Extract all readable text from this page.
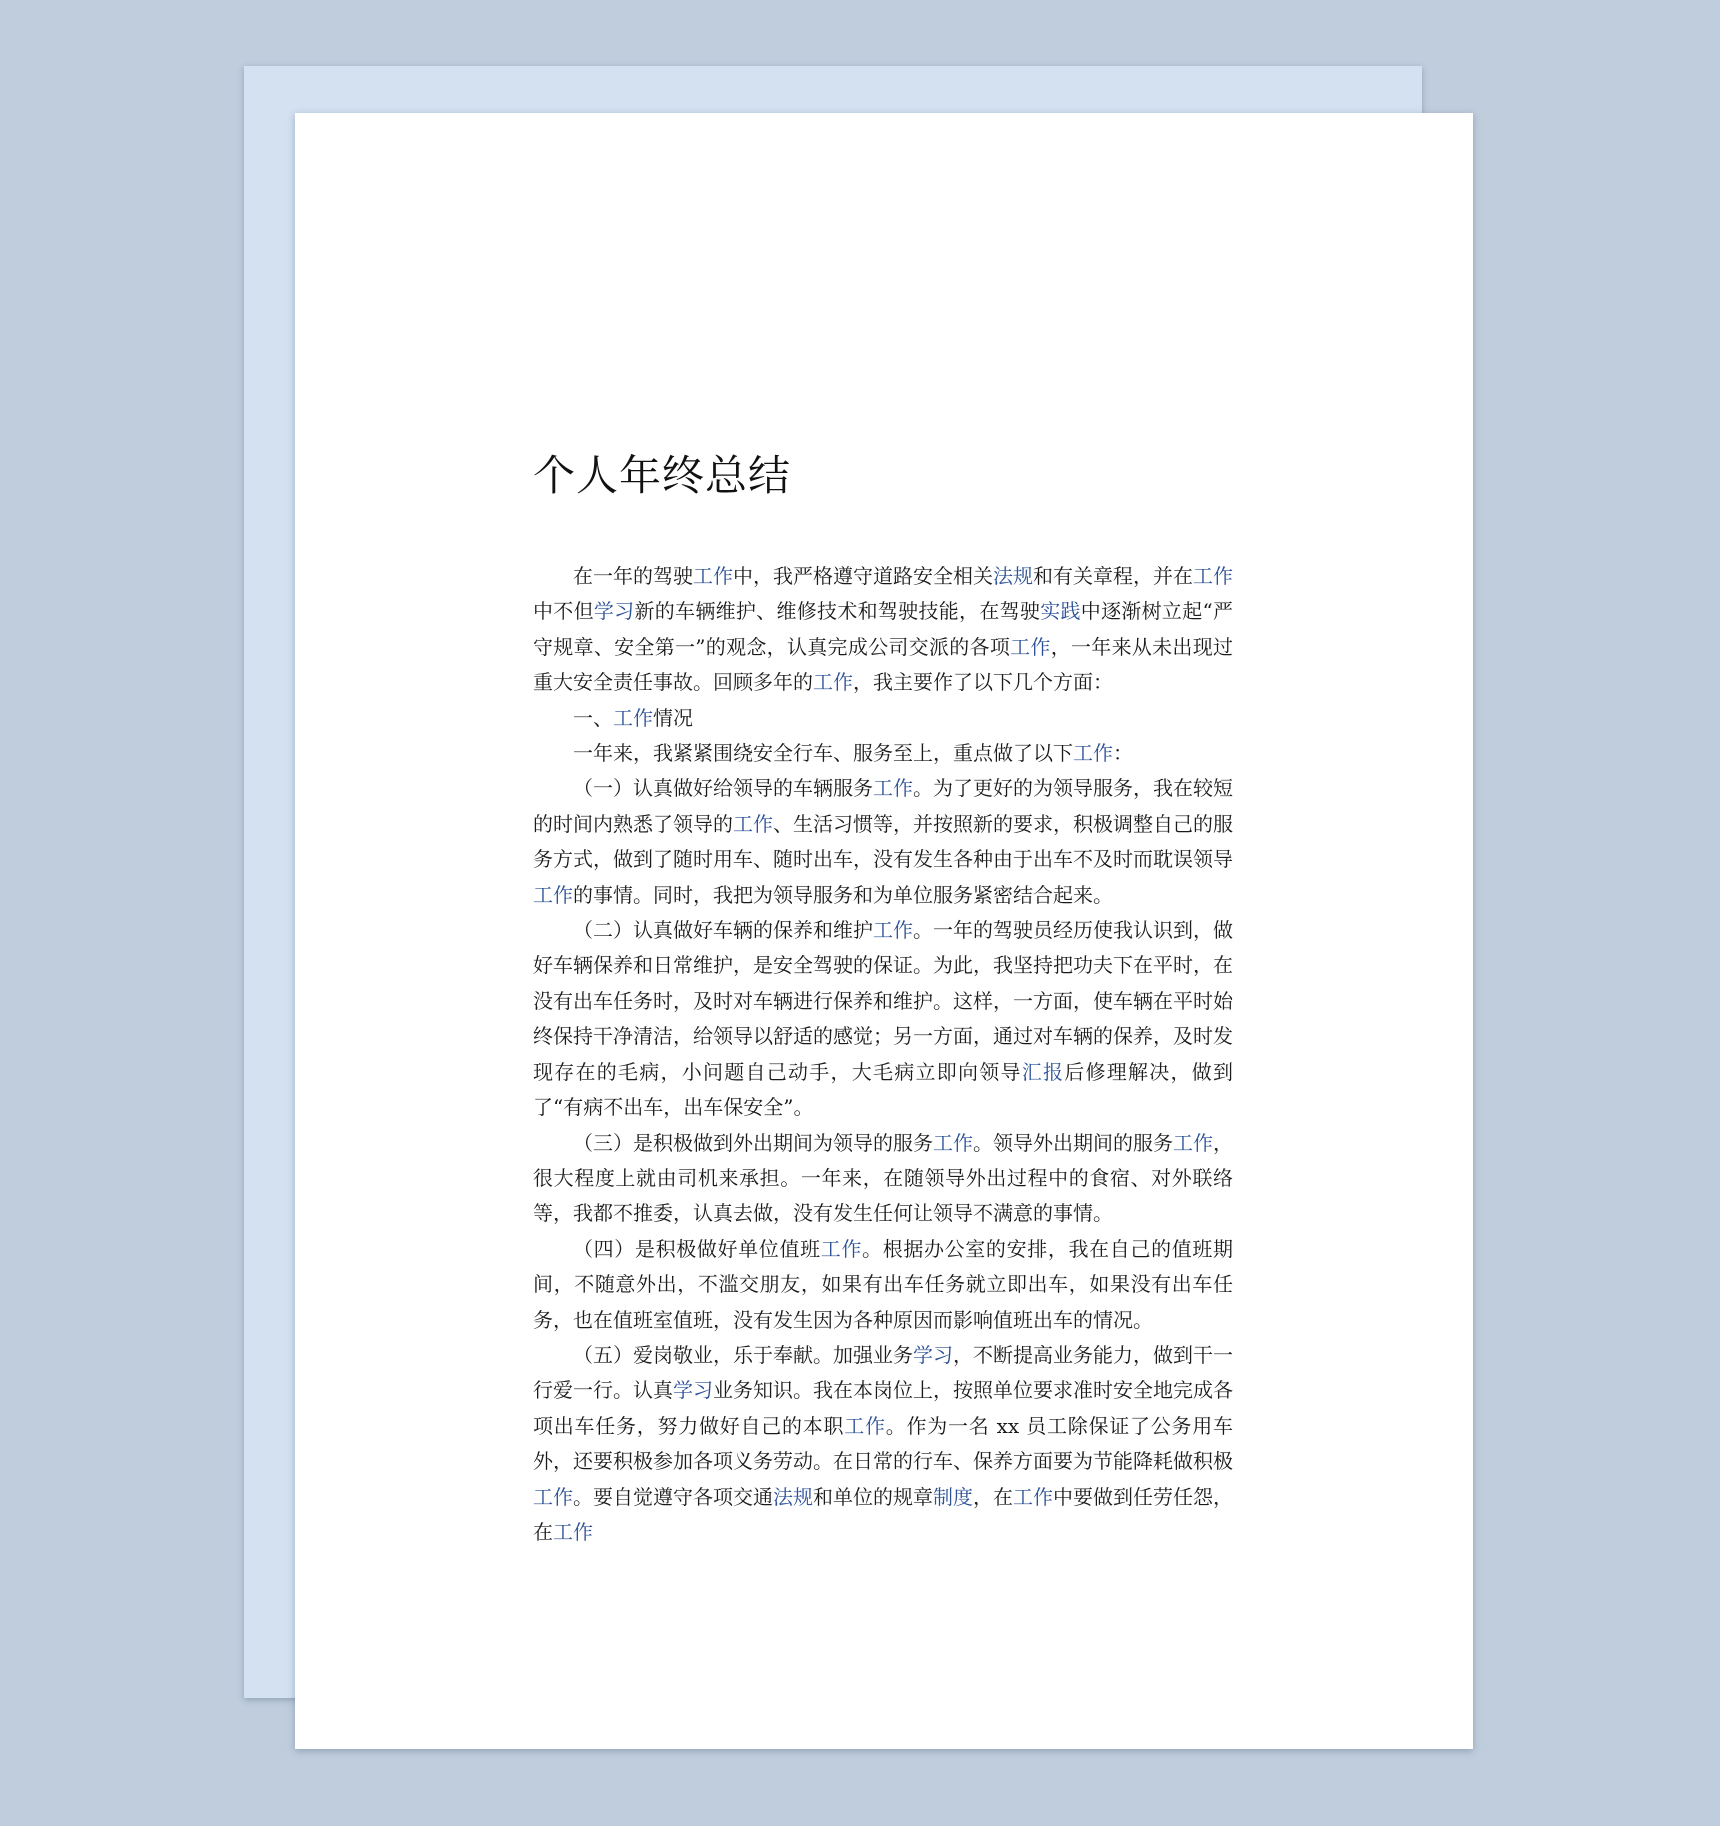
个人年终总结

在一年的驾驶工作中，我严格遵守道路安全相关法规和有关章程，并在工作中不但学习新的车辆维护、维修技术和驾驶技能，在驾驶实践中逐渐树立起“严守规章、安全第一”的观念，认真完成公司交派的各项工作，一年来从未出现过重大安全责任事故。回顾多年的工作，我主要作了以下几个方面：

一、工作情况

一年来，我紧紧围绕安全行车、服务至上，重点做了以下工作：

（一）认真做好给领导的车辆服务工作。为了更好的为领导服务，我在较短的时间内熟悉了领导的工作、生活习惯等，并按照新的要求，积极调整自己的服务方式，做到了随时用车、随时出车，没有发生各种由于出车不及时而耽误领导工作的事情。同时，我把为领导服务和为单位服务紧密结合起来。

（二）认真做好车辆的保养和维护工作。一年的驾驶员经历使我认识到，做好车辆保养和日常维护，是安全驾驶的保证。为此，我坚持把功夫下在平时，在没有出车任务时，及时对车辆进行保养和维护。这样，一方面，使车辆在平时始终保持干净清洁，给领导以舒适的感觉；另一方面，通过对车辆的保养，及时发现存在的毛病，小问题自己动手，大毛病立即向领导汇报后修理解决，做到了“有病不出车，出车保安全”。

（三）是积极做到外出期间为领导的服务工作。领导外出期间的服务工作，很大程度上就由司机来承担。一年来，在随领导外出过程中的食宿、对外联络等，我都不推委，认真去做，没有发生任何让领导不满意的事情。

（四）是积极做好单位值班工作。根据办公室的安排，我在自己的值班期间，不随意外出，不滥交朋友，如果有出车任务就立即出车，如果没有出车任务，也在值班室值班，没有发生因为各种原因而影响值班出车的情况。

（五）爱岗敬业，乐于奉献。加强业务学习，不断提高业务能力，做到干一行爱一行。认真学习业务知识。我在本岗位上，按照单位要求准时安全地完成各项出车任务，努力做好自己的本职工作。作为一名 xx 员工除保证了公务用车外，还要积极参加各项义务劳动。在日常的行车、保养方面要为节能降耗做积极工作。要自觉遵守各项交通法规和单位的规章制度，在工作中要做到任劳任怨，在工作
